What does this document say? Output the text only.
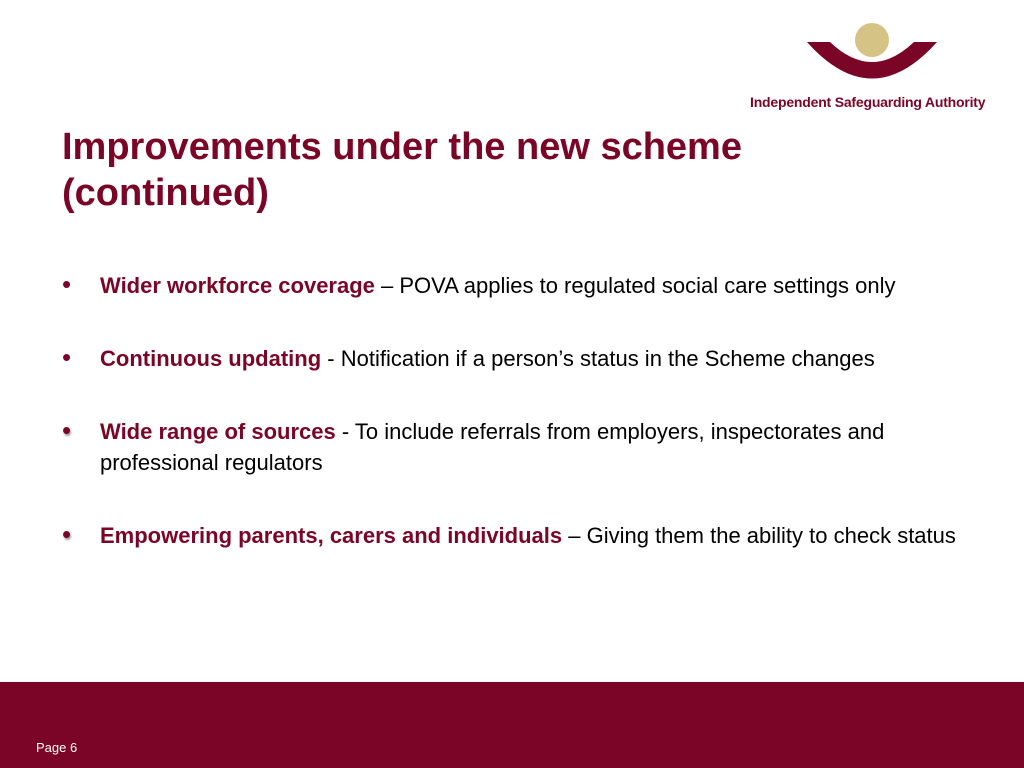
Independent Safeguarding Authority
Improvements under the new scheme
(continued)
• Wider workforce coverage – POVA applies to regulated social care settings only
• Continuous updating - Notification if a person’s status in the Scheme changes
• Wide range of sources - To include referrals from employers, inspectorates and professional regulators
• Empowering parents, carers and individuals – Giving them the ability to check status
Page 6
